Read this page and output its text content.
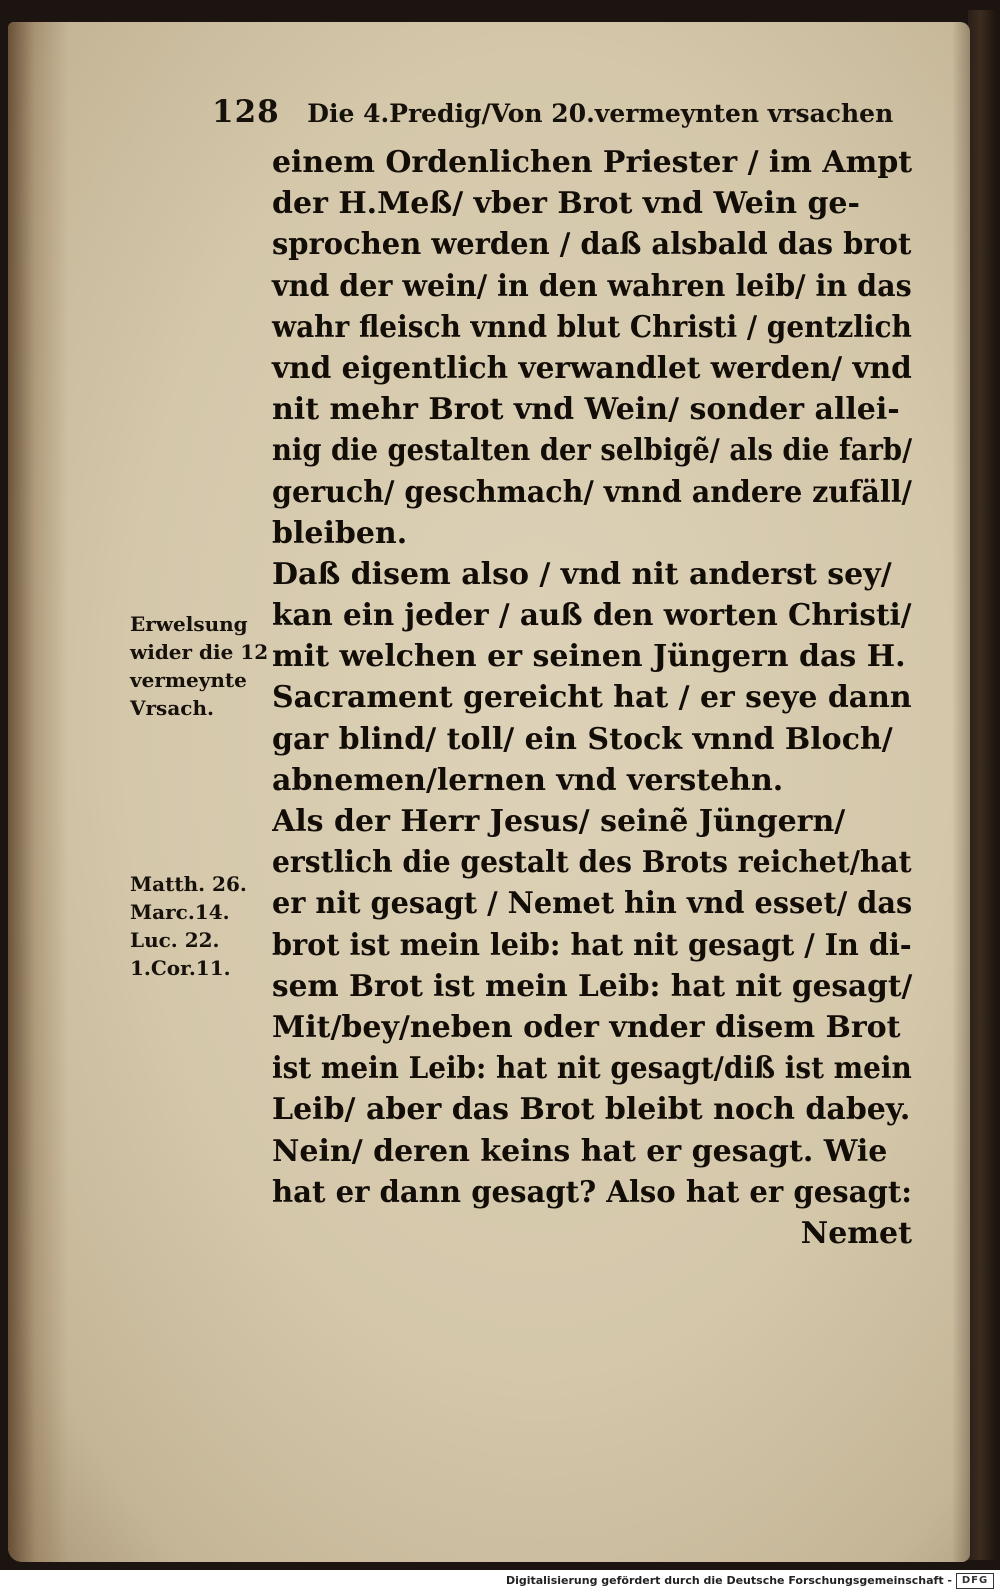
128 Die 4.Predig/Von 20.vermeynten vrsachen
einem Ordenlichen Priester / im Ampt
der H.Meß/ vber Brot vnd Wein ge-
sprochen werden / daß alsbald das brot
vnd der wein/ in den wahren leib/ in das
wahr fleisch vnnd blut Christi / gentzlich
vnd eigentlich verwandlet werden/ vnd
nit mehr Brot vnd Wein/ sonder allei-
nig die gestalten der selbigẽ/ als die farb/
geruch/ geschmach/ vnnd andere zufäll/
bleiben.
Daß disem also / vnd nit anderst sey/
kan ein jeder / auß den worten Christi/
mit welchen er seinen Jüngern das H.
Sacrament gereicht hat / er seye dann
gar blind/ toll/ ein Stock vnnd Bloch/
abnemen/lernen vnd verstehn.
Als der Herr Jesus/ seinẽ Jüngern/
erstlich die gestalt des Brots reichet/hat
er nit gesagt / Nemet hin vnd esset/ das
brot ist mein leib: hat nit gesagt / In di-
sem Brot ist mein Leib: hat nit gesagt/
Mit/bey/neben oder vnder disem Brot
ist mein Leib: hat nit gesagt/diß ist mein
Leib/ aber das Brot bleibt noch dabey.
Nein/ deren keins hat er gesagt. Wie
hat er dann gesagt? Also hat er gesagt:
Nemet
Erwelsung
wider die 12
vermeynte
Vrsach.
Matth. 26.
Marc.14.
Luc. 22.
1.Cor.11.
Digitalisierung gefördert durch die Deutsche Forschungsgemeinschaft - DFG
